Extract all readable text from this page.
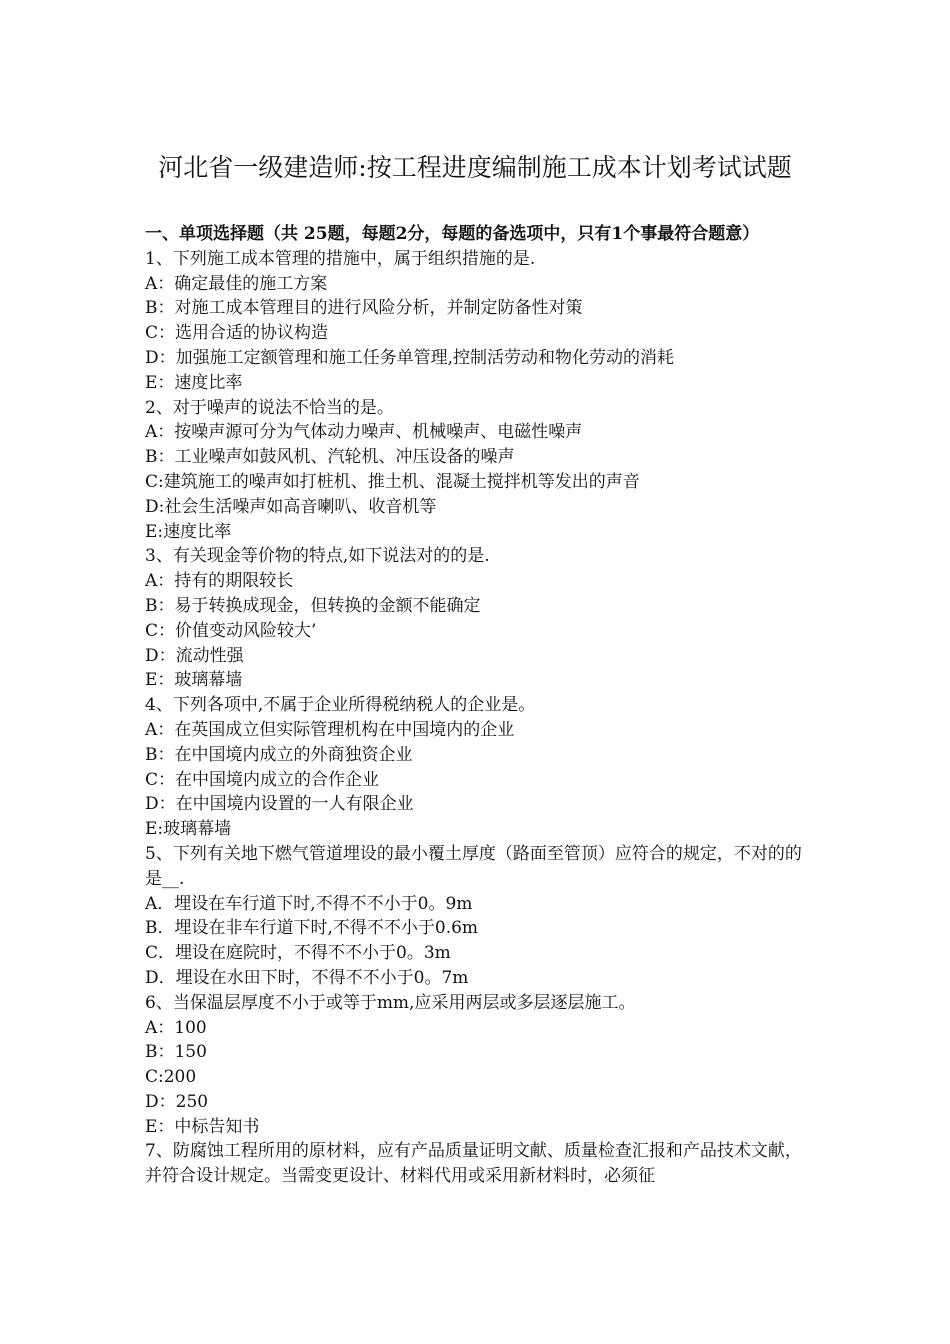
河北省一级建造师:按工程进度编制施工成本计划考试试题

一、单项选择题（共 25题，每题2分，每题的备选项中，只有1个事最符合题意）

1、下列施工成本管理的措施中，属于组织措施的是.

A：确定最佳的施工方案

B：对施工成本管理目的进行风险分析，并制定防备性对策

C：选用合适的协议构造

D：加强施工定额管理和施工任务单管理,控制活劳动和物化劳动的消耗

E：速度比率

2、对于噪声的说法不恰当的是。

A：按噪声源可分为气体动力噪声、机械噪声、电磁性噪声

B：工业噪声如鼓风机、汽轮机、冲压设备的噪声

C:建筑施工的噪声如打桩机、推土机、混凝土搅拌机等发出的声音

D:社会生活噪声如高音喇叭、收音机等

E:速度比率

3、有关现金等价物的特点,如下说法对的的是.

A：持有的期限较长

B：易于转换成现金，但转换的金额不能确定

C：价值变动风险较大’

D：流动性强

E：玻璃幕墙

4、下列各项中,不属于企业所得税纳税人的企业是。

A：在英国成立但实际管理机构在中国境内的企业

B：在中国境内成立的外商独资企业

C：在中国境内成立的合作企业

D：在中国境内设置的一人有限企业

E:玻璃幕墙

5、下列有关地下燃气管道埋设的最小覆土厚度（路面至管顶）应符合的规定，不对的的是__.

A．埋设在车行道下时,不得不不小于0。9m

B．埋设在非车行道下时,不得不不小于0.6m

C．埋设在庭院时，不得不不小于0。3m

D．埋设在水田下时，不得不不小于0。7m

6、当保温层厚度不小于或等于mm,应采用两层或多层逐层施工。

A：100

B：150

C:200

D：250

E：中标告知书

7、防腐蚀工程所用的原材料，应有产品质量证明文献、质量检查汇报和产品技术文献，并符合设计规定。当需变更设计、材料代用或采用新材料时，必须征
